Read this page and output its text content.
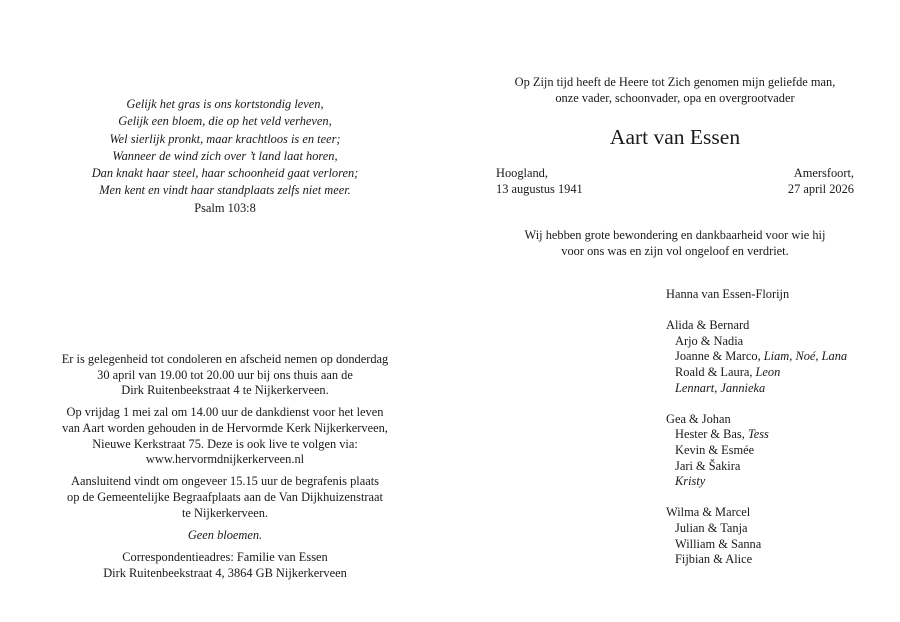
Gelijk het gras is ons kortstondig leven,
Gelijk een bloem, die op het veld verheven,
Wel sierlijk pronkt, maar krachtloos is en teer;
Wanneer de wind zich over ’t land laat horen,
Dan knakt haar steel, haar schoonheid gaat verloren;
Men kent en vindt haar standplaats zelfs niet meer.
Psalm 103:8
Op Zijn tijd heeft de Heere tot Zich genomen mijn geliefde man,
onze vader, schoonvader, opa en overgrootvader
Aart van Essen
Hoogland,
13 augustus 1941
Amersfoort,
27 april 2026
Wij hebben grote bewondering en dankbaarheid voor wie hij
voor ons was en zijn vol ongeloof en verdriet.

Er is gelegenheid tot condoleren en afscheid nemen op donderdag
30 april van 19.00 tot 20.00 uur bij ons thuis aan de
Dirk Ruitenbeekstraat 4 te Nijkerkerveen.

Op vrijdag 1 mei zal om 14.00 uur de dankdienst voor het leven
van Aart worden gehouden in de Hervormde Kerk Nijkerkerveen,
Nieuwe Kerkstraat 75. Deze is ook live te volgen via:
www.hervormdnijkerkerveen.nl

Aansluitend vindt om ongeveer 15.15 uur de begrafenis plaats
op de Gemeentelijke Begraafplaats aan de Van Dijkhuizenstraat
te Nijkerkerveen.

Geen bloemen.

Correspondentieadres: Familie van Essen
Dirk Ruitenbeekstraat 4, 3864 GB Nijkerkerveen

Hanna van Essen-Florijn
Alida & Bernard
Arjo & Nadia
Joanne & Marco, Liam, Noé, Lana
Roald & Laura, Leon
Lennart, Jannieka
Gea & Johan
Hester & Bas, Tess
Kevin & Esmée
Jari & Šakira
Kristy
Wilma & Marcel
Julian & Tanja
William & Sanna
Fijbian & Alice
